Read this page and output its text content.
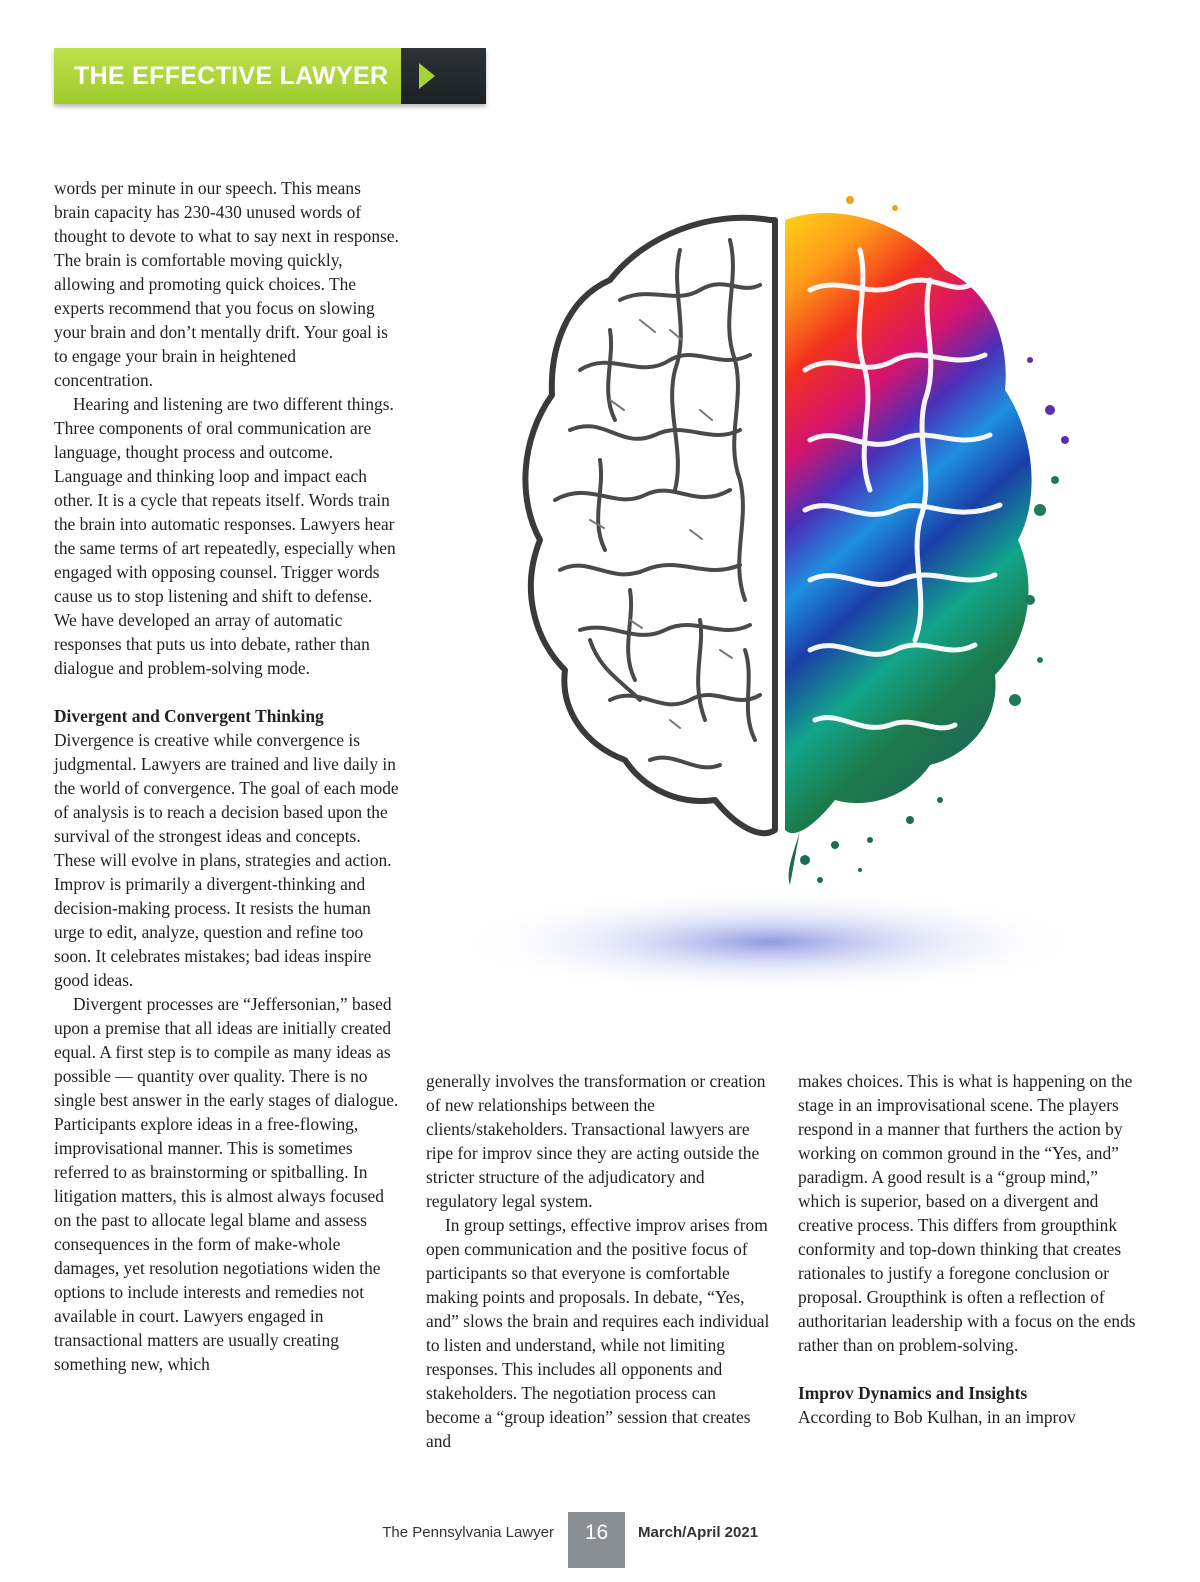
THE EFFECTIVE LAWYER

words per minute in our speech. This means brain capacity has 230-430 unused words of thought to devote to what to say next in response. The brain is comfortable moving quickly, allowing and promoting quick choices. The experts recommend that you focus on slowing your brain and don’t mentally drift. Your goal is to engage your brain in heightened concentration.

Hearing and listening are two different things. Three components of oral communication are language, thought process and outcome. Language and thinking loop and impact each other. It is a cycle that repeats itself. Words train the brain into automatic responses. Lawyers hear the same terms of art repeatedly, especially when engaged with opposing counsel. Trigger words cause us to stop listening and shift to defense. We have developed an array of automatic responses that puts us into debate, rather than dialogue and problem-solving mode.

Divergent and Convergent Thinking

Divergence is creative while convergence is judgmental. Lawyers are trained and live daily in the world of convergence. The goal of each mode of analysis is to reach a decision based upon the survival of the strongest ideas and concepts. These will evolve in plans, strategies and action. Improv is primarily a divergent-thinking and decision-making process. It resists the human urge to edit, analyze, question and refine too soon. It celebrates mistakes; bad ideas inspire good ideas.

Divergent processes are “Jeffersonian,” based upon a premise that all ideas are initially created equal. A first step is to compile as many ideas as possible — quantity over quality. There is no single best answer in the early stages of dialogue. Participants explore ideas in a free-flowing, improvisational manner. This is sometimes referred to as brainstorming or spitballing. In litigation matters, this is almost always focused on the past to allocate legal blame and assess consequences in the form of make-whole damages, yet resolution negotiations widen the options to include interests and remedies not available in court. Lawyers engaged in transactional matters are usually creating something new, which

generally involves the transformation or creation of new relationships between the clients/stakeholders. Transactional lawyers are ripe for improv since they are acting outside the stricter structure of the adjudicatory and regulatory legal system.

In group settings, effective improv arises from open communication and the positive focus of participants so that everyone is comfortable making points and proposals. In debate, “Yes, and” slows the brain and requires each individual to listen and understand, while not limiting responses. This includes all opponents and stakeholders. The negotiation process can become a “group ideation” session that creates and

makes choices. This is what is happening on the stage in an improvisational scene. The players respond in a manner that furthers the action by working on common ground in the “Yes, and” paradigm. A good result is a “group mind,” which is superior, based on a divergent and creative process. This differs from groupthink conformity and top-down thinking that creates rationales to justify a foregone conclusion or proposal. Groupthink is often a reflection of authoritarian leadership with a focus on the ends rather than on problem-solving.

Improv Dynamics and Insights

According to Bob Kulhan, in an improv

The Pennsylvania Lawyer	16	March/April 2021
